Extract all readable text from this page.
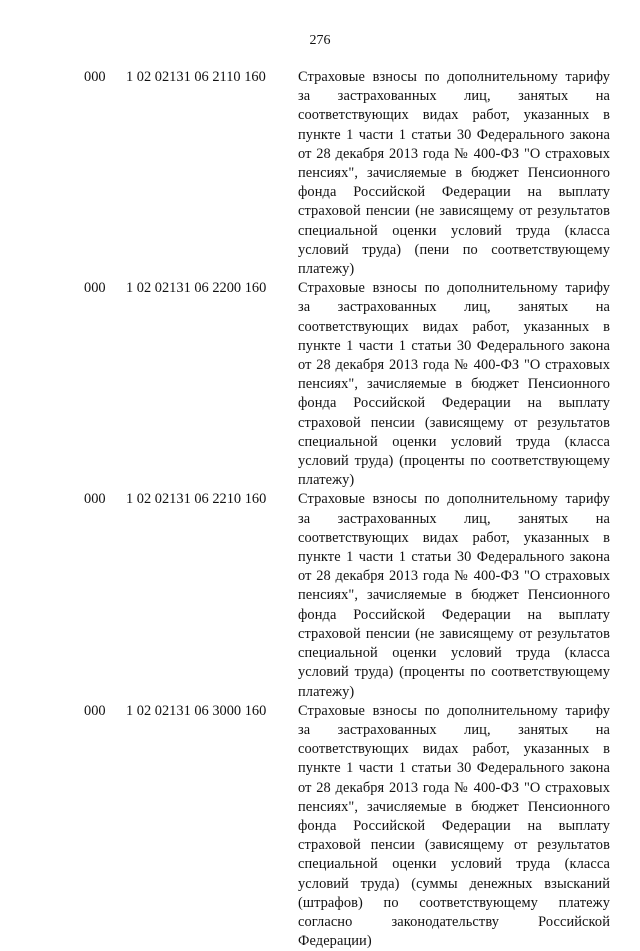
276
000 1 02 02131 06 2110 160 Страховые взносы по дополнительному тарифу за застрахованных лиц, занятых на соответствующих видах работ, указанных в пункте 1 части 1 статьи 30 Федерального закона от 28 декабря 2013 года № 400-ФЗ "О страховых пенсиях", зачисляемые в бюджет Пенсионного фонда Российской Федерации на выплату страховой пенсии (не зависящему от результатов специальной оценки условий труда (класса условий труда) (пени по соответствующему платежу)
000 1 02 02131 06 2200 160 Страховые взносы по дополнительному тарифу за застрахованных лиц, занятых на соответствующих видах работ, указанных в пункте 1 части 1 статьи 30 Федерального закона от 28 декабря 2013 года № 400-ФЗ "О страховых пенсиях", зачисляемые в бюджет Пенсионного фонда Российской Федерации на выплату страховой пенсии (зависящему от результатов специальной оценки условий труда (класса условий труда) (проценты по соответствующему платежу)
000 1 02 02131 06 2210 160 Страховые взносы по дополнительному тарифу за застрахованных лиц, занятых на соответствующих видах работ, указанных в пункте 1 части 1 статьи 30 Федерального закона от 28 декабря 2013 года № 400-ФЗ "О страховых пенсиях", зачисляемые в бюджет Пенсионного фонда Российской Федерации на выплату страховой пенсии (не зависящему от результатов специальной оценки условий труда (класса условий труда) (проценты по соответствующему платежу)
000 1 02 02131 06 3000 160 Страховые взносы по дополнительному тарифу за застрахованных лиц, занятых на соответствующих видах работ, указанных в пункте 1 части 1 статьи 30 Федерального закона от 28 декабря 2013 года № 400-ФЗ "О страховых пенсиях", зачисляемые в бюджет Пенсионного фонда Российской Федерации на выплату страховой пенсии (зависящему от результатов специальной оценки условий труда (класса условий труда) (суммы денежных взысканий (штрафов) по соответствующему платежу согласно законодательству Российской Федерации)
